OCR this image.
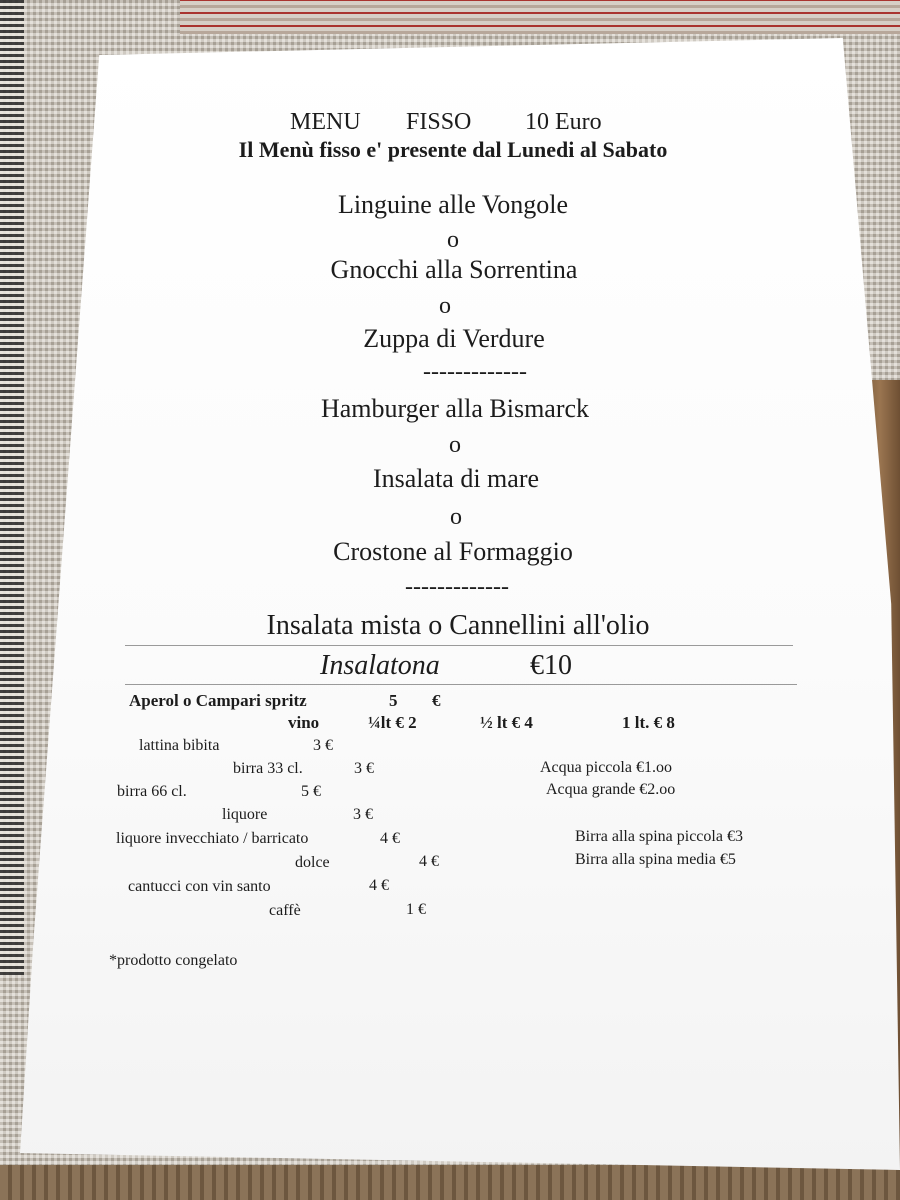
MENU FISSO 10 Euro
Il Menù fisso e' presente dal Lunedi al Sabato
Linguine alle Vongole
o
Gnocchi alla Sorrentina
o
Zuppa di Verdure
-------------
Hamburger alla Bismarck
o
Insalata di mare
o
Crostone al Formaggio
-------------
Insalata mista o Cannellini all'olio
Insalatona	€10
Aperol o Campari spritz	5 €
vino	¼lt € 2	½ lt € 4	1 lt. € 8
lattina bibita	3 €
birra 33 cl.	3 €	Acqua piccola €1.oo
birra 66 cl.	5 €	Acqua grande €2.oo
liquore	3 €
liquore invecchiato / barricato	4 €	Birra alla spina piccola €3
dolce	4 €	Birra alla spina media €5
cantucci con vin santo	4 €
caffè	1 €
*prodotto congelato
